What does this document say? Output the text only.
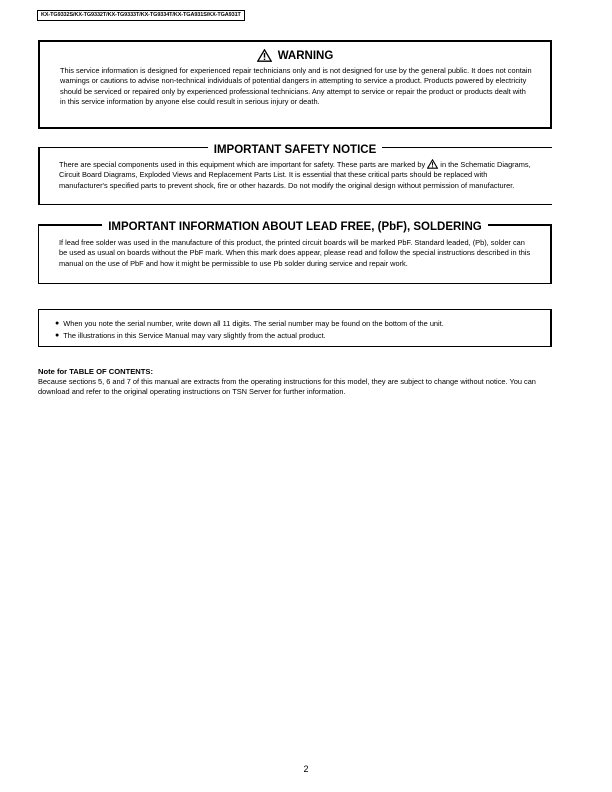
KX-TG9332S/KX-TG9332T/KX-TG9333T/KX-TG9334T/KX-TGA931S/KX-TGA931T
WARNING
This service information is designed for experienced repair technicians only and is not designed for use by the general public. It does not contain warnings or cautions to advise non-technical individuals of potential dangers in attempting to service a product. Products powered by electricity should be serviced or repaired only by experienced professional technicians. Any attempt to service or repair the product or products dealt with in this service information by anyone else could result in serious injury or death.
IMPORTANT SAFETY NOTICE
There are special components used in this equipment which are important for safety. These parts are marked by in the Schematic Diagrams, Circuit Board Diagrams, Exploded Views and Replacement Parts List. It is essential that these critical parts should be replaced with manufacturer's specified parts to prevent shock, fire or other hazards. Do not modify the original design without permission of manufacturer.
IMPORTANT INFORMATION ABOUT LEAD FREE, (PbF), SOLDERING
If lead free solder was used in the manufacture of this product, the printed circuit boards will be marked PbF. Standard leaded, (Pb), solder can be used as usual on boards without the PbF mark. When this mark does appear, please read and follow the special instructions described in this manual on the use of PbF and how it might be permissible to use Pb solder during service and repair work.
● When you note the serial number, write down all 11 digits. The serial number may be found on the bottom of the unit.
● The illustrations in this Service Manual may vary slightly from the actual product.
Note for TABLE OF CONTENTS:
Because sections 5, 6 and 7 of this manual are extracts from the operating instructions for this model, they are subject to change without notice. You can download and refer to the original operating instructions on TSN Server for further information.
2
